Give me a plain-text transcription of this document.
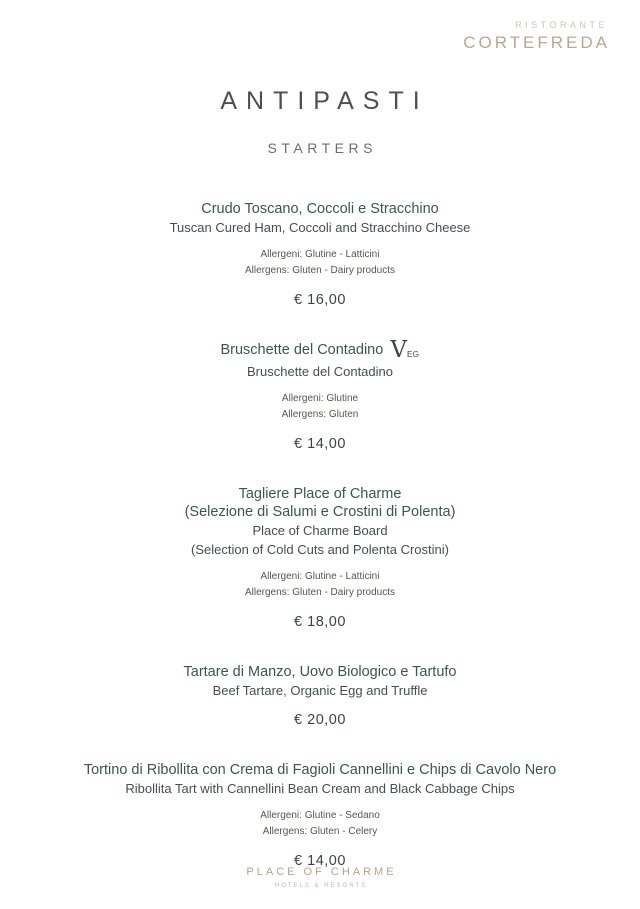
RISTORANTE
CORTEFREDA
ANTIPASTI
STARTERS
Crudo Toscano, Coccoli e Stracchino
Tuscan Cured Ham, Coccoli and Stracchino Cheese
Allergeni: Glutine - Latticini
Allergens: Gluten - Dairy products
€ 16,00
Bruschette del Contadino VEG
Bruschette del Contadino
Allergeni: Glutine
Allergens: Gluten
€ 14,00
Tagliere Place of Charme
(Selezione di Salumi e Crostini di Polenta)
Place of Charme Board
(Selection of Cold Cuts and Polenta Crostini)
Allergeni: Glutine - Latticini
Allergens: Gluten - Dairy products
€ 18,00
Tartare di Manzo, Uovo Biologico e Tartufo
Beef Tartare, Organic Egg and Truffle
€ 20,00
Tortino di Ribollita con Crema di Fagioli Cannellini e Chips di Cavolo Nero
Ribollita Tart with Cannellini Bean Cream and Black Cabbage Chips
Allergeni: Glutine - Sedano
Allergens: Gluten - Celery
€ 14,00
PLACE OF CHARME
HOTELS & RESORTS
